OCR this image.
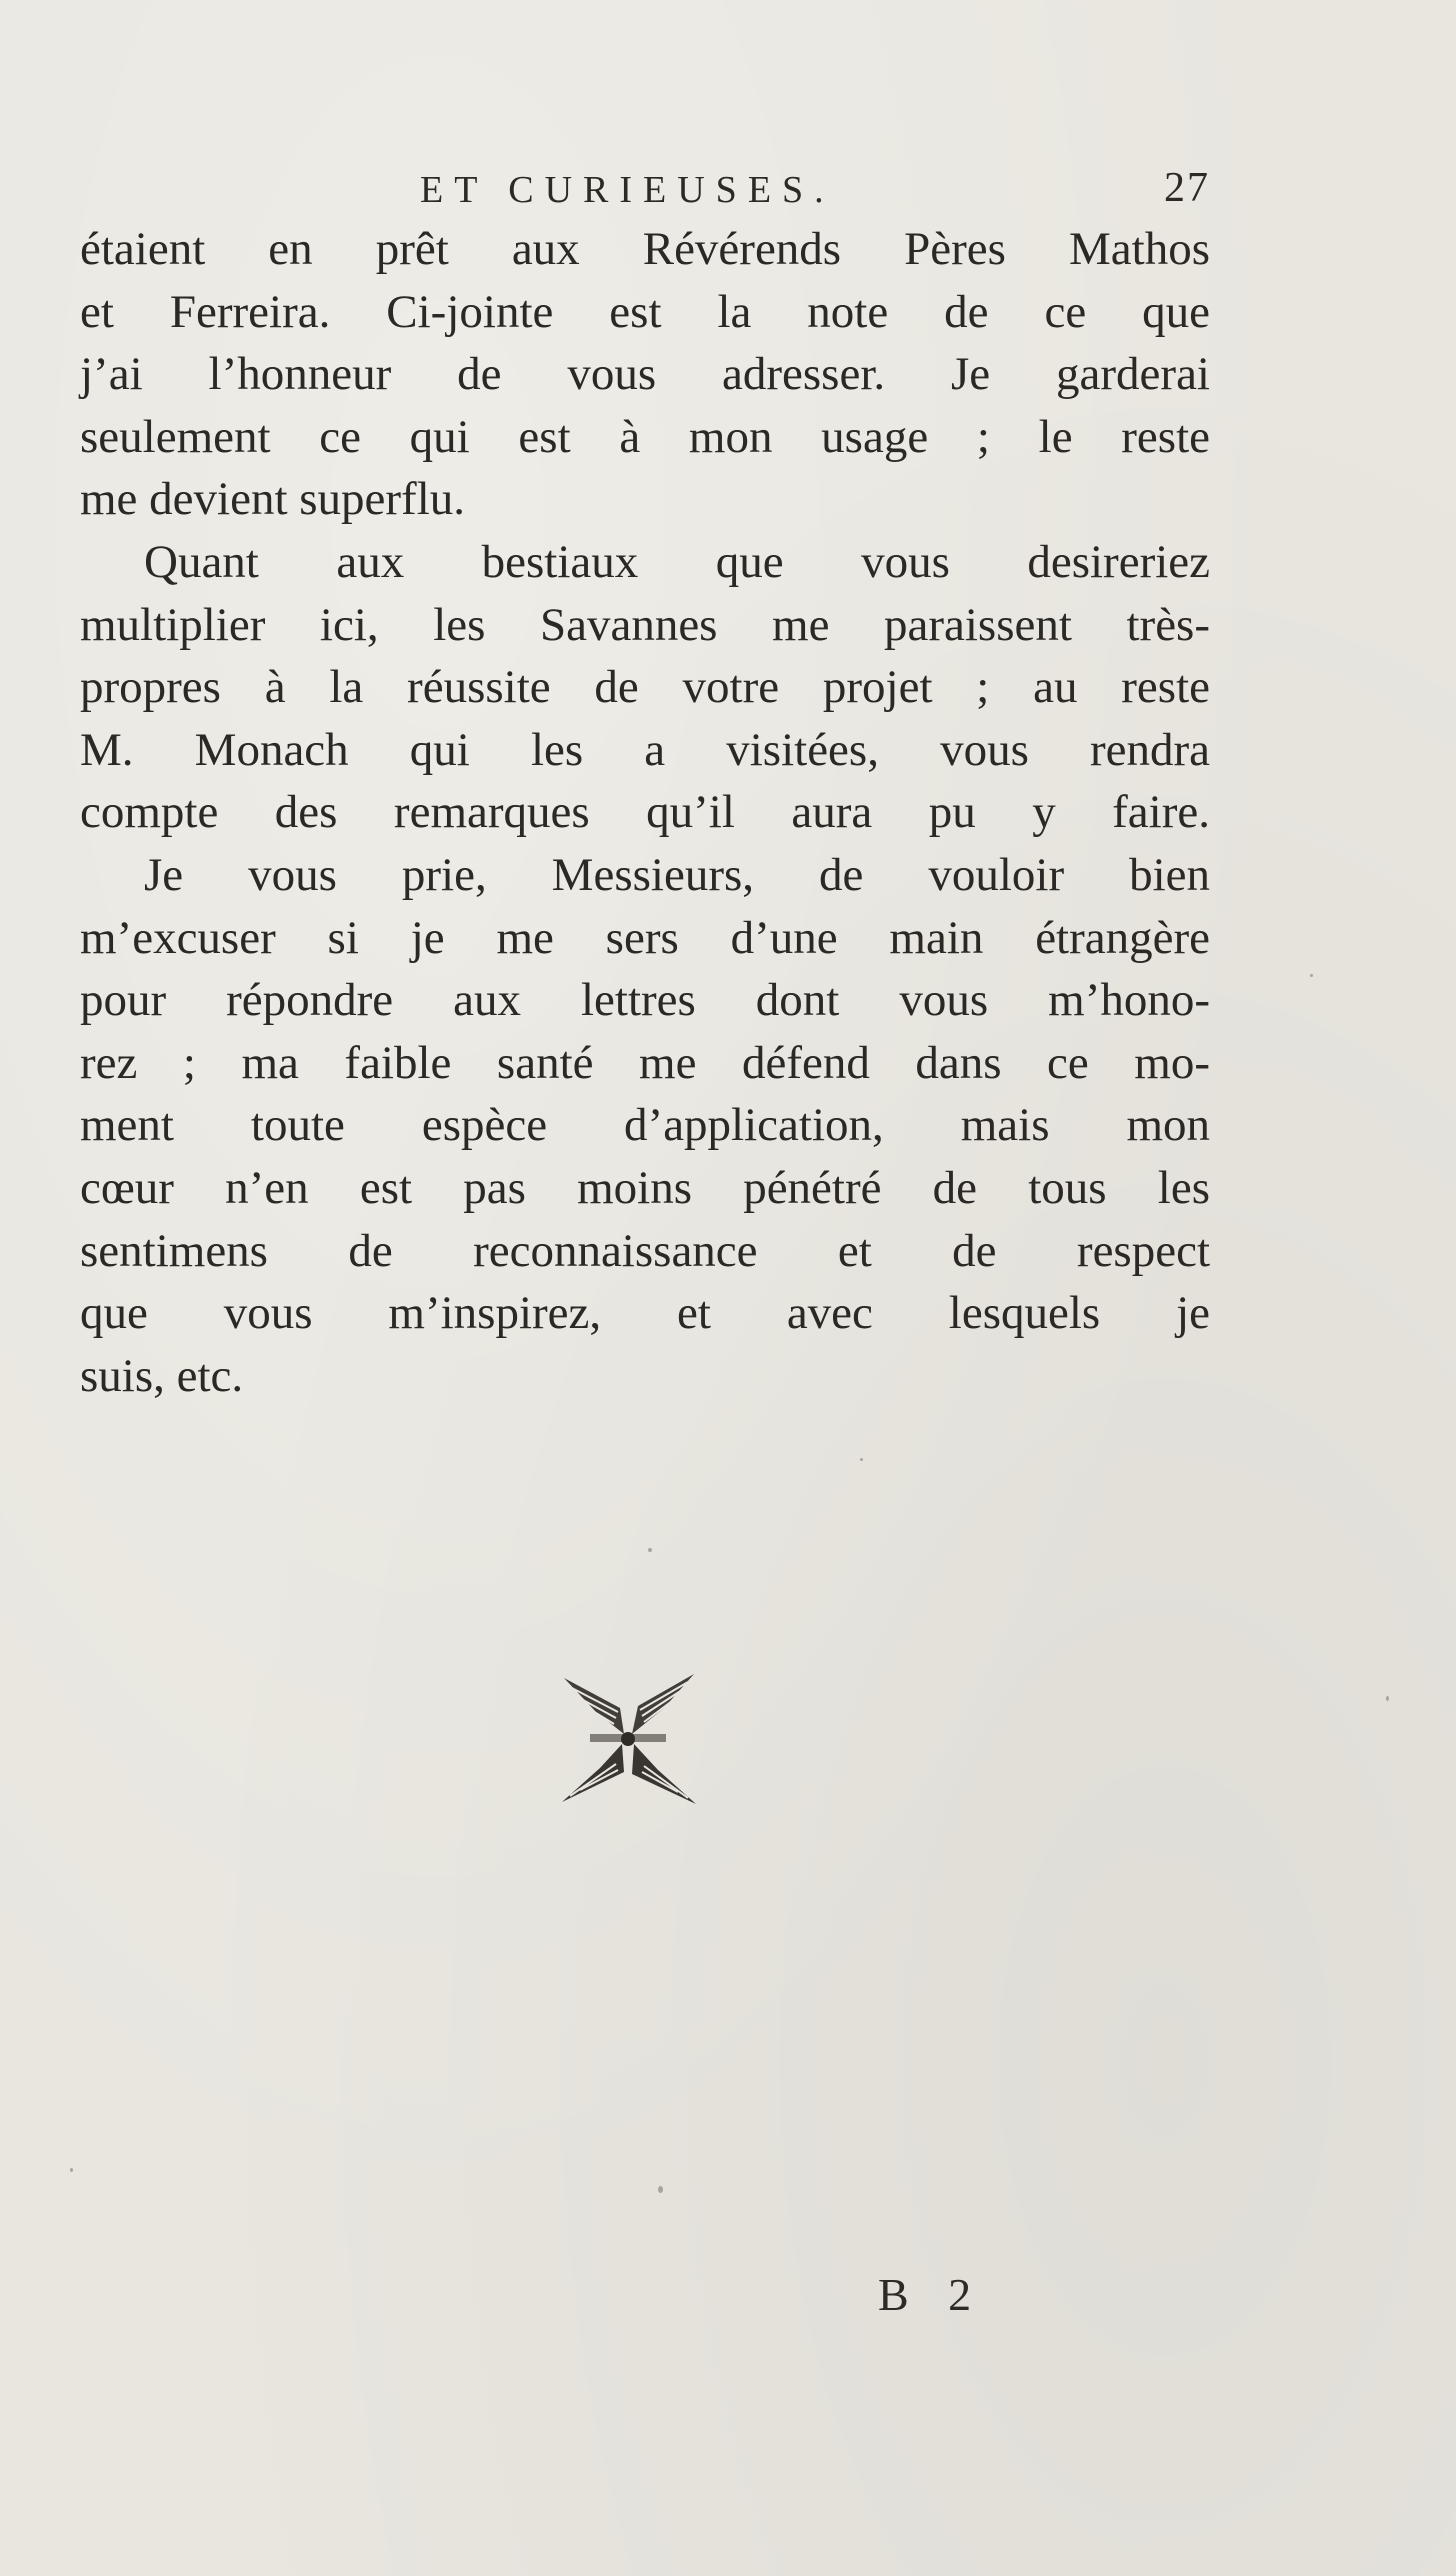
ET CURIEUSES.	27
étaient en prêt aux Révérends Pères Mathos
et Ferreira. Ci-jointe est la note de ce que
j’ai l’honneur de vous adresser. Je garderai
seulement ce qui est à mon usage ; le reste
me devient superflu.
Quant aux bestiaux que vous desireriez
multiplier ici, les Savannes me paraissent très-
propres à la réussite de votre projet ; au reste
M. Monach qui les a visitées, vous rendra
compte des remarques qu’il aura pu y faire.
Je vous prie, Messieurs, de vouloir bien
m’excuser si je me sers d’une main étrangère
pour répondre aux lettres dont vous m’hono-
rez ; ma faible santé me défend dans ce mo-
ment toute espèce d’application, mais mon
cœur n’en est pas moins pénétré de tous les
sentimens de reconnaissance et de respect
que vous m’inspirez, et avec lesquels je
suis, etc.
B 2
